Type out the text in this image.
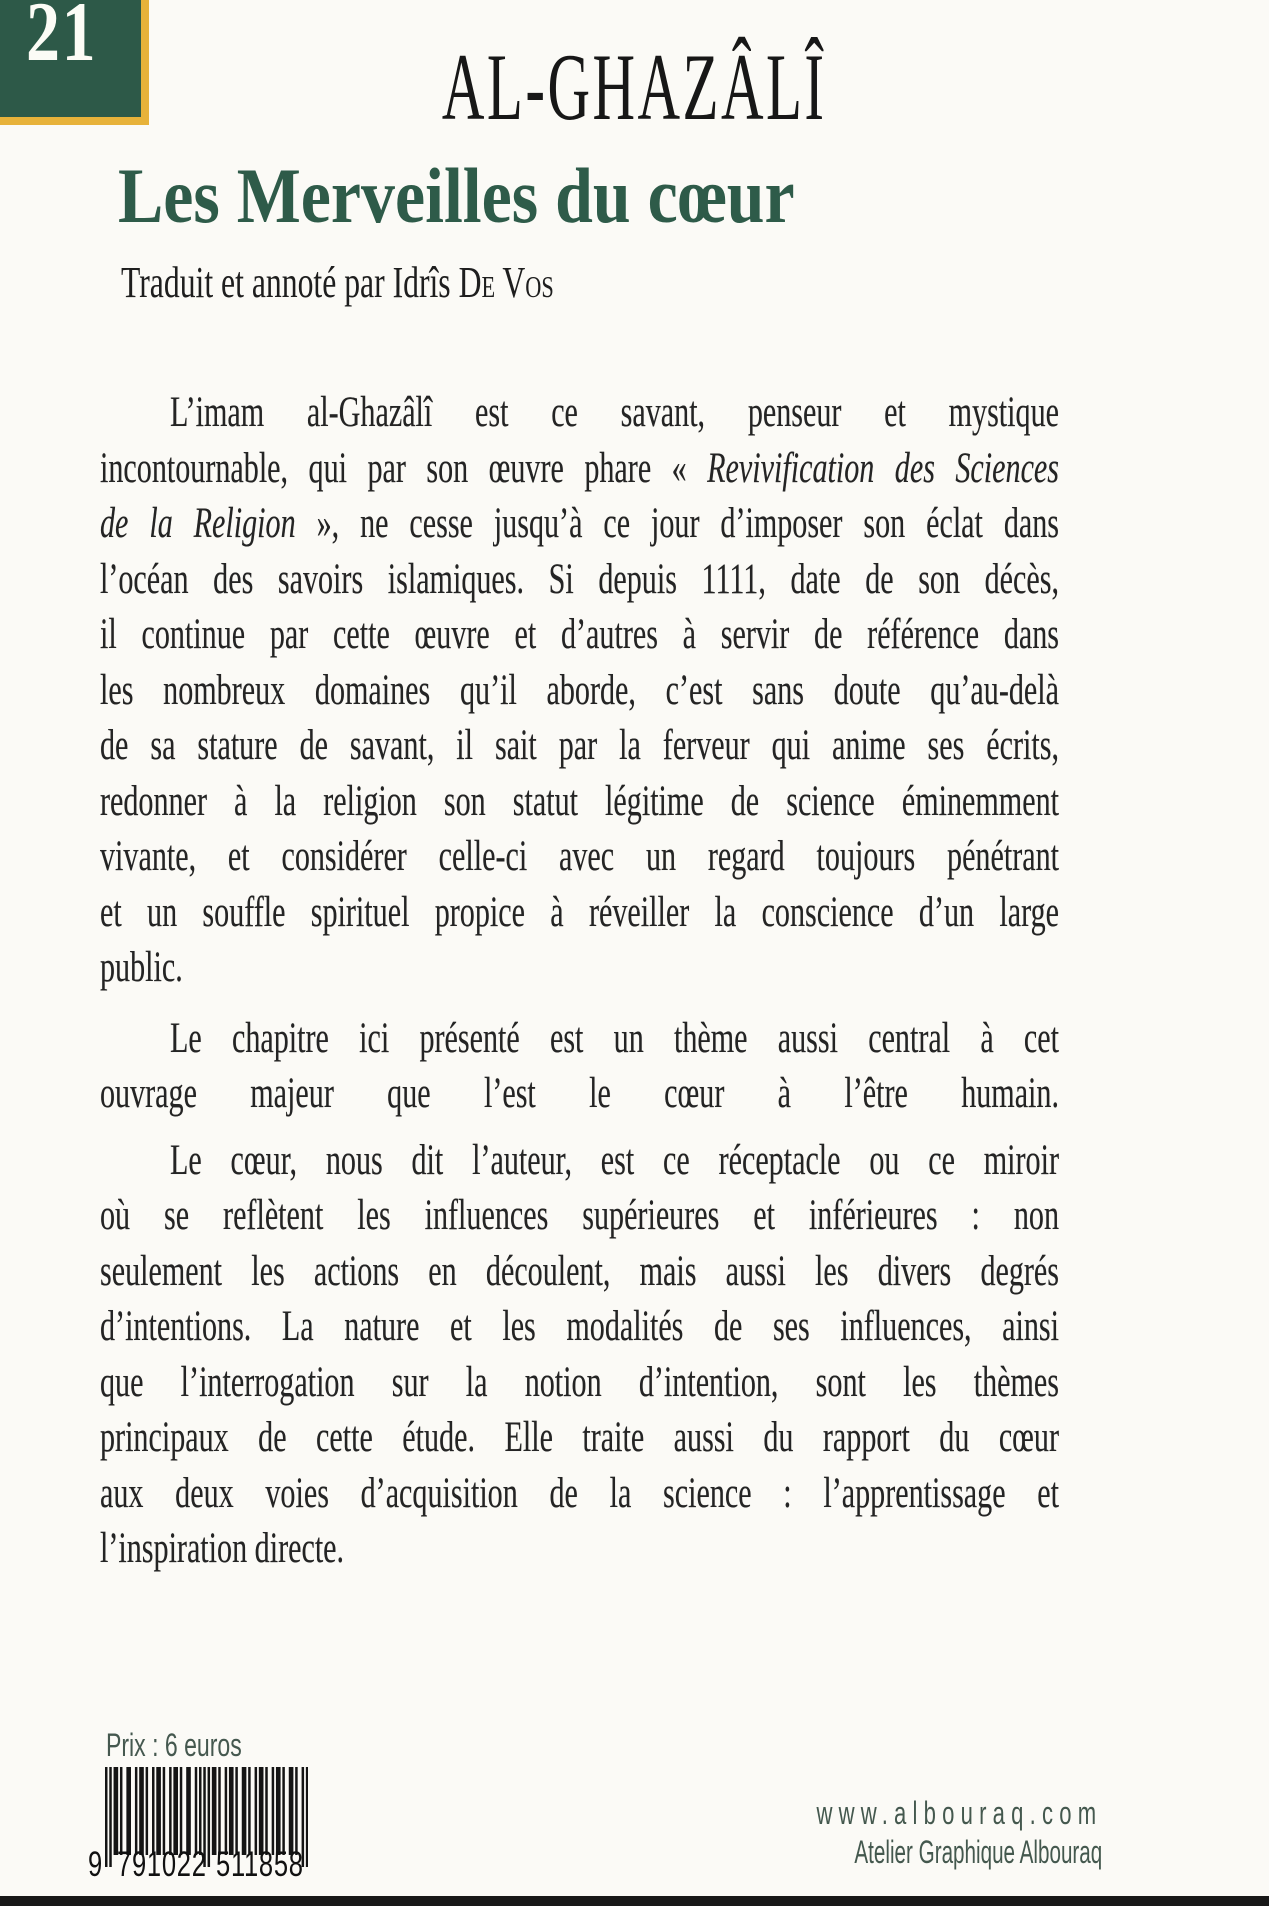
21
AL-GHAZÂLÎ
Les Merveilles du cœur
Traduit et annoté par Idrîs De Vos

L’imam al-Ghazâlî est ce savant, penseur et mystique
incontournable, qui par son œuvre phare « Revivification des Sciences
de la Religion », ne cesse jusqu’à ce jour d’imposer son éclat dans
l’océan des savoirs islamiques. Si depuis 1111, date de son décès,
il continue par cette œuvre et d’autres à servir de référence dans
les nombreux domaines qu’il aborde, c’est sans doute qu’au-delà
de sa stature de savant, il sait par la ferveur qui anime ses écrits,
redonner à la religion son statut légitime de science éminemment
vivante, et considérer celle-ci avec un regard toujours pénétrant
et un souffle spirituel propice à réveiller la conscience d’un large
public.

Le chapitre ici présenté est un thème aussi central à cet
ouvrage majeur que l’est le cœur à l’être humain.

Le cœur, nous dit l’auteur, est ce réceptacle ou ce miroir
où se reflètent les influences supérieures et inférieures : non
seulement les actions en découlent, mais aussi les divers degrés
d’intentions. La nature et les modalités de ses influences, ainsi
que l’interrogation sur la notion d’intention, sont les thèmes
principaux de cette étude. Elle traite aussi du rapport du cœur
aux deux voies d’acquisition de la science : l’apprentissage et
l’inspiration directe.

Prix : 6 euros
9 791022 511858
www.albouraq.com
Atelier Graphique Albouraq
